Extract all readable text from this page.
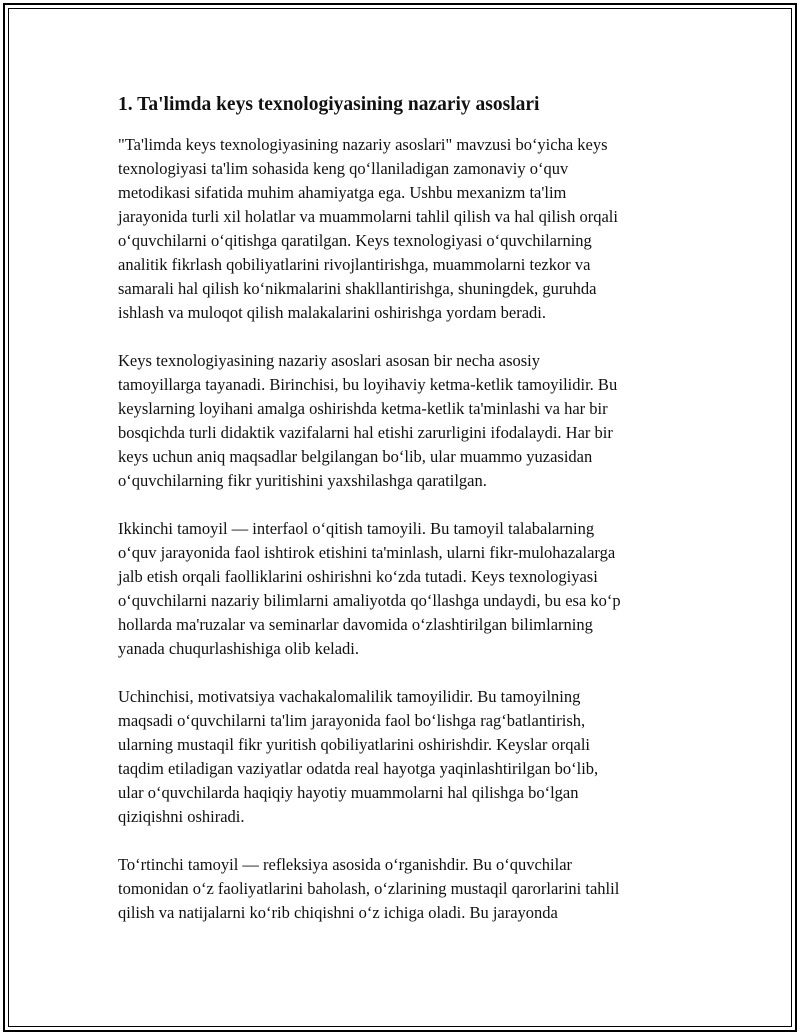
1. Ta'limda keys texnologiyasining nazariy asoslari

"Ta'limda keys texnologiyasining nazariy asoslari" mavzusi bo‘yicha keys
texnologiyasi ta'lim sohasida keng qo‘llaniladigan zamonaviy o‘quv
metodikasi sifatida muhim ahamiyatga ega. Ushbu mexanizm ta'lim
jarayonida turli xil holatlar va muammolarni tahlil qilish va hal qilish orqali
o‘quvchilarni o‘qitishga qaratilgan. Keys texnologiyasi o‘quvchilarning
analitik fikrlash qobiliyatlarini rivojlantirishga, muammolarni tezkor va
samarali hal qilish ko‘nikmalarini shakllantirishga, shuningdek, guruhda
ishlash va muloqot qilish malakalarini oshirishga yordam beradi.

Keys texnologiyasining nazariy asoslari asosan bir necha asosiy
tamoyillarga tayanadi. Birinchisi, bu loyihaviy ketma-ketlik tamoyilidir. Bu
keyslarning loyihani amalga oshirishda ketma-ketlik ta'minlashi va har bir
bosqichda turli didaktik vazifalarni hal etishi zarurligini ifodalaydi. Har bir
keys uchun aniq maqsadlar belgilangan bo‘lib, ular muammo yuzasidan
o‘quvchilarning fikr yuritishini yaxshilashga qaratilgan.

Ikkinchi tamoyil — interfaol o‘qitish tamoyili. Bu tamoyil talabalarning
o‘quv jarayonida faol ishtirok etishini ta'minlash, ularni fikr-mulohazalarga
jalb etish orqali faolliklarini oshirishni ko‘zda tutadi. Keys texnologiyasi
o‘quvchilarni nazariy bilimlarni amaliyotda qo‘llashga undaydi, bu esa ko‘p
hollarda ma'ruzalar va seminarlar davomida o‘zlashtirilgan bilimlarning
yanada chuqurlashishiga olib keladi.

Uchinchisi, motivatsiya vachakalomalilik tamoyilidir. Bu tamoyilning
maqsadi o‘quvchilarni ta'lim jarayonida faol bo‘lishga rag‘batlantirish,
ularning mustaqil fikr yuritish qobiliyatlarini oshirishdir. Keyslar orqali
taqdim etiladigan vaziyatlar odatda real hayotga yaqinlashtirilgan bo‘lib,
ular o‘quvchilarda haqiqiy hayotiy muammolarni hal qilishga bo‘lgan
qiziqishni oshiradi.

To‘rtinchi tamoyil — refleksiya asosida o‘rganishdir. Bu o‘quvchilar
tomonidan o‘z faoliyatlarini baholash, o‘zlarining mustaqil qarorlarini tahlil
qilish va natijalarni ko‘rib chiqishni o‘z ichiga oladi. Bu jarayonda
